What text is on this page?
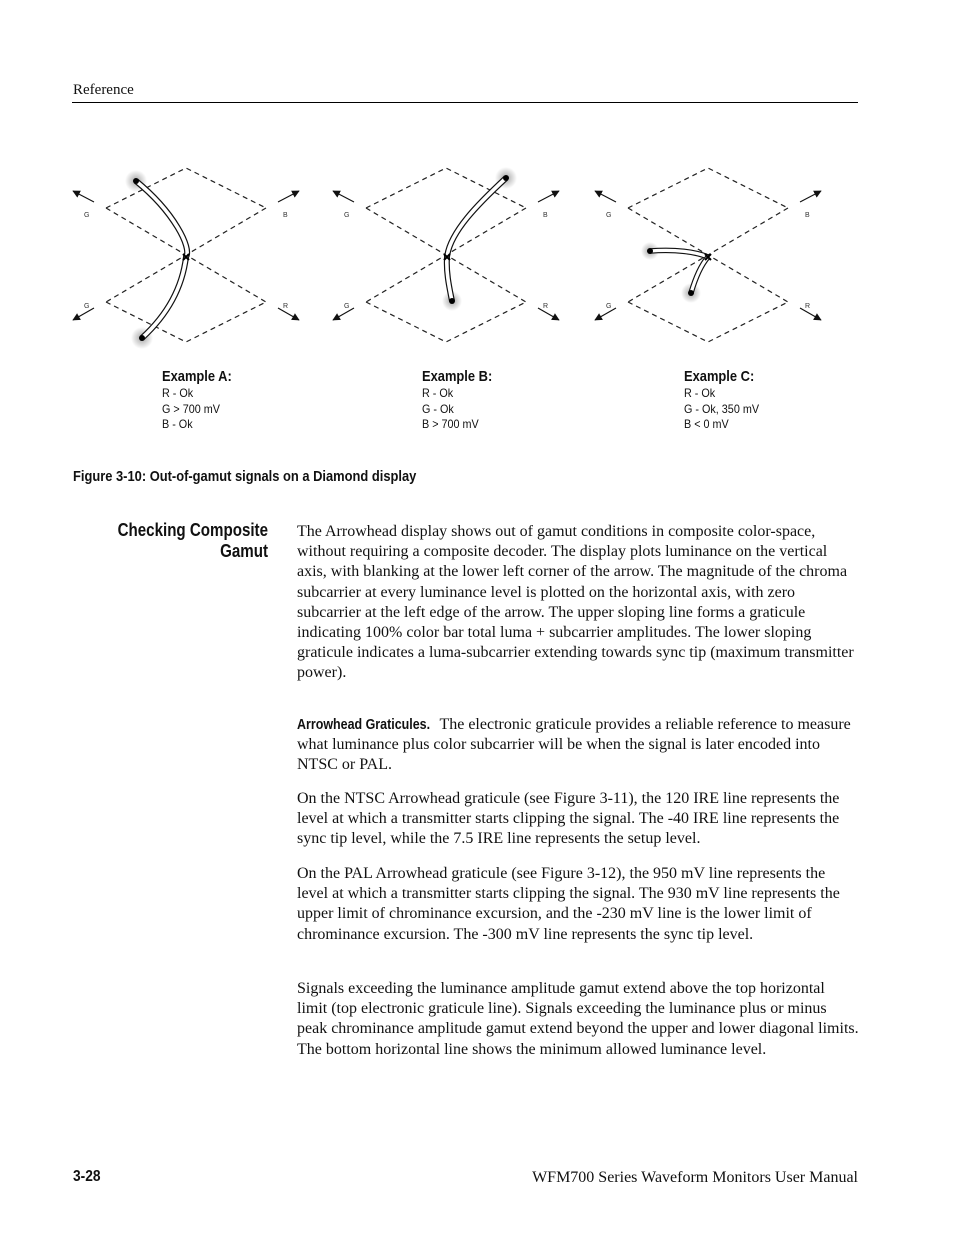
Reference
G	B
G	R
G	B
G	R
G	B
G	R
Example A:
R - Ok
G > 700 mV
B - Ok
Example B:
R - Ok
G - Ok
B > 700 mV
Example C:
R - Ok
G - Ok, 350 mV
B < 0 mV
Figure 3-10: Out-of-gamut signals on a Diamond display
Checking Composite
Gamut

The Arrowhead display shows out of gamut conditions in composite color-space, without requiring a composite decoder. The display plots luminance on the vertical axis, with blanking at the lower left corner of the arrow. The magnitude of the chroma subcarrier at every luminance level is plotted on the horizontal axis, with zero subcarrier at the left edge of the arrow. The upper sloping line forms a graticule indicating 100% color bar total luma + subcarrier amplitudes. The lower sloping graticule indicates a luma-subcarrier extending towards sync tip (maximum transmitter power).

Arrowhead Graticules. The electronic graticule provides a reliable reference to measure what luminance plus color subcarrier will be when the signal is later encoded into NTSC or PAL.

On the NTSC Arrowhead graticule (see Figure 3-11), the 120 IRE line represents the level at which a transmitter starts clipping the signal. The -40 IRE line represents the sync tip level, while the 7.5 IRE line represents the setup level.

On the PAL Arrowhead graticule (see Figure 3-12), the 950 mV line represents the level at which a transmitter starts clipping the signal. The 930 mV line represents the upper limit of chrominance excursion, and the -230 mV line is the lower limit of chrominance excursion. The -300 mV line represents the sync tip level.

Signals exceeding the luminance amplitude gamut extend above the top horizontal limit (top electronic graticule line). Signals exceeding the luminance plus or minus peak chrominance amplitude gamut extend beyond the upper and lower diagonal limits. The bottom horizontal line shows the minimum allowed luminance level.

3-28	WFM700 Series Waveform Monitors User Manual
